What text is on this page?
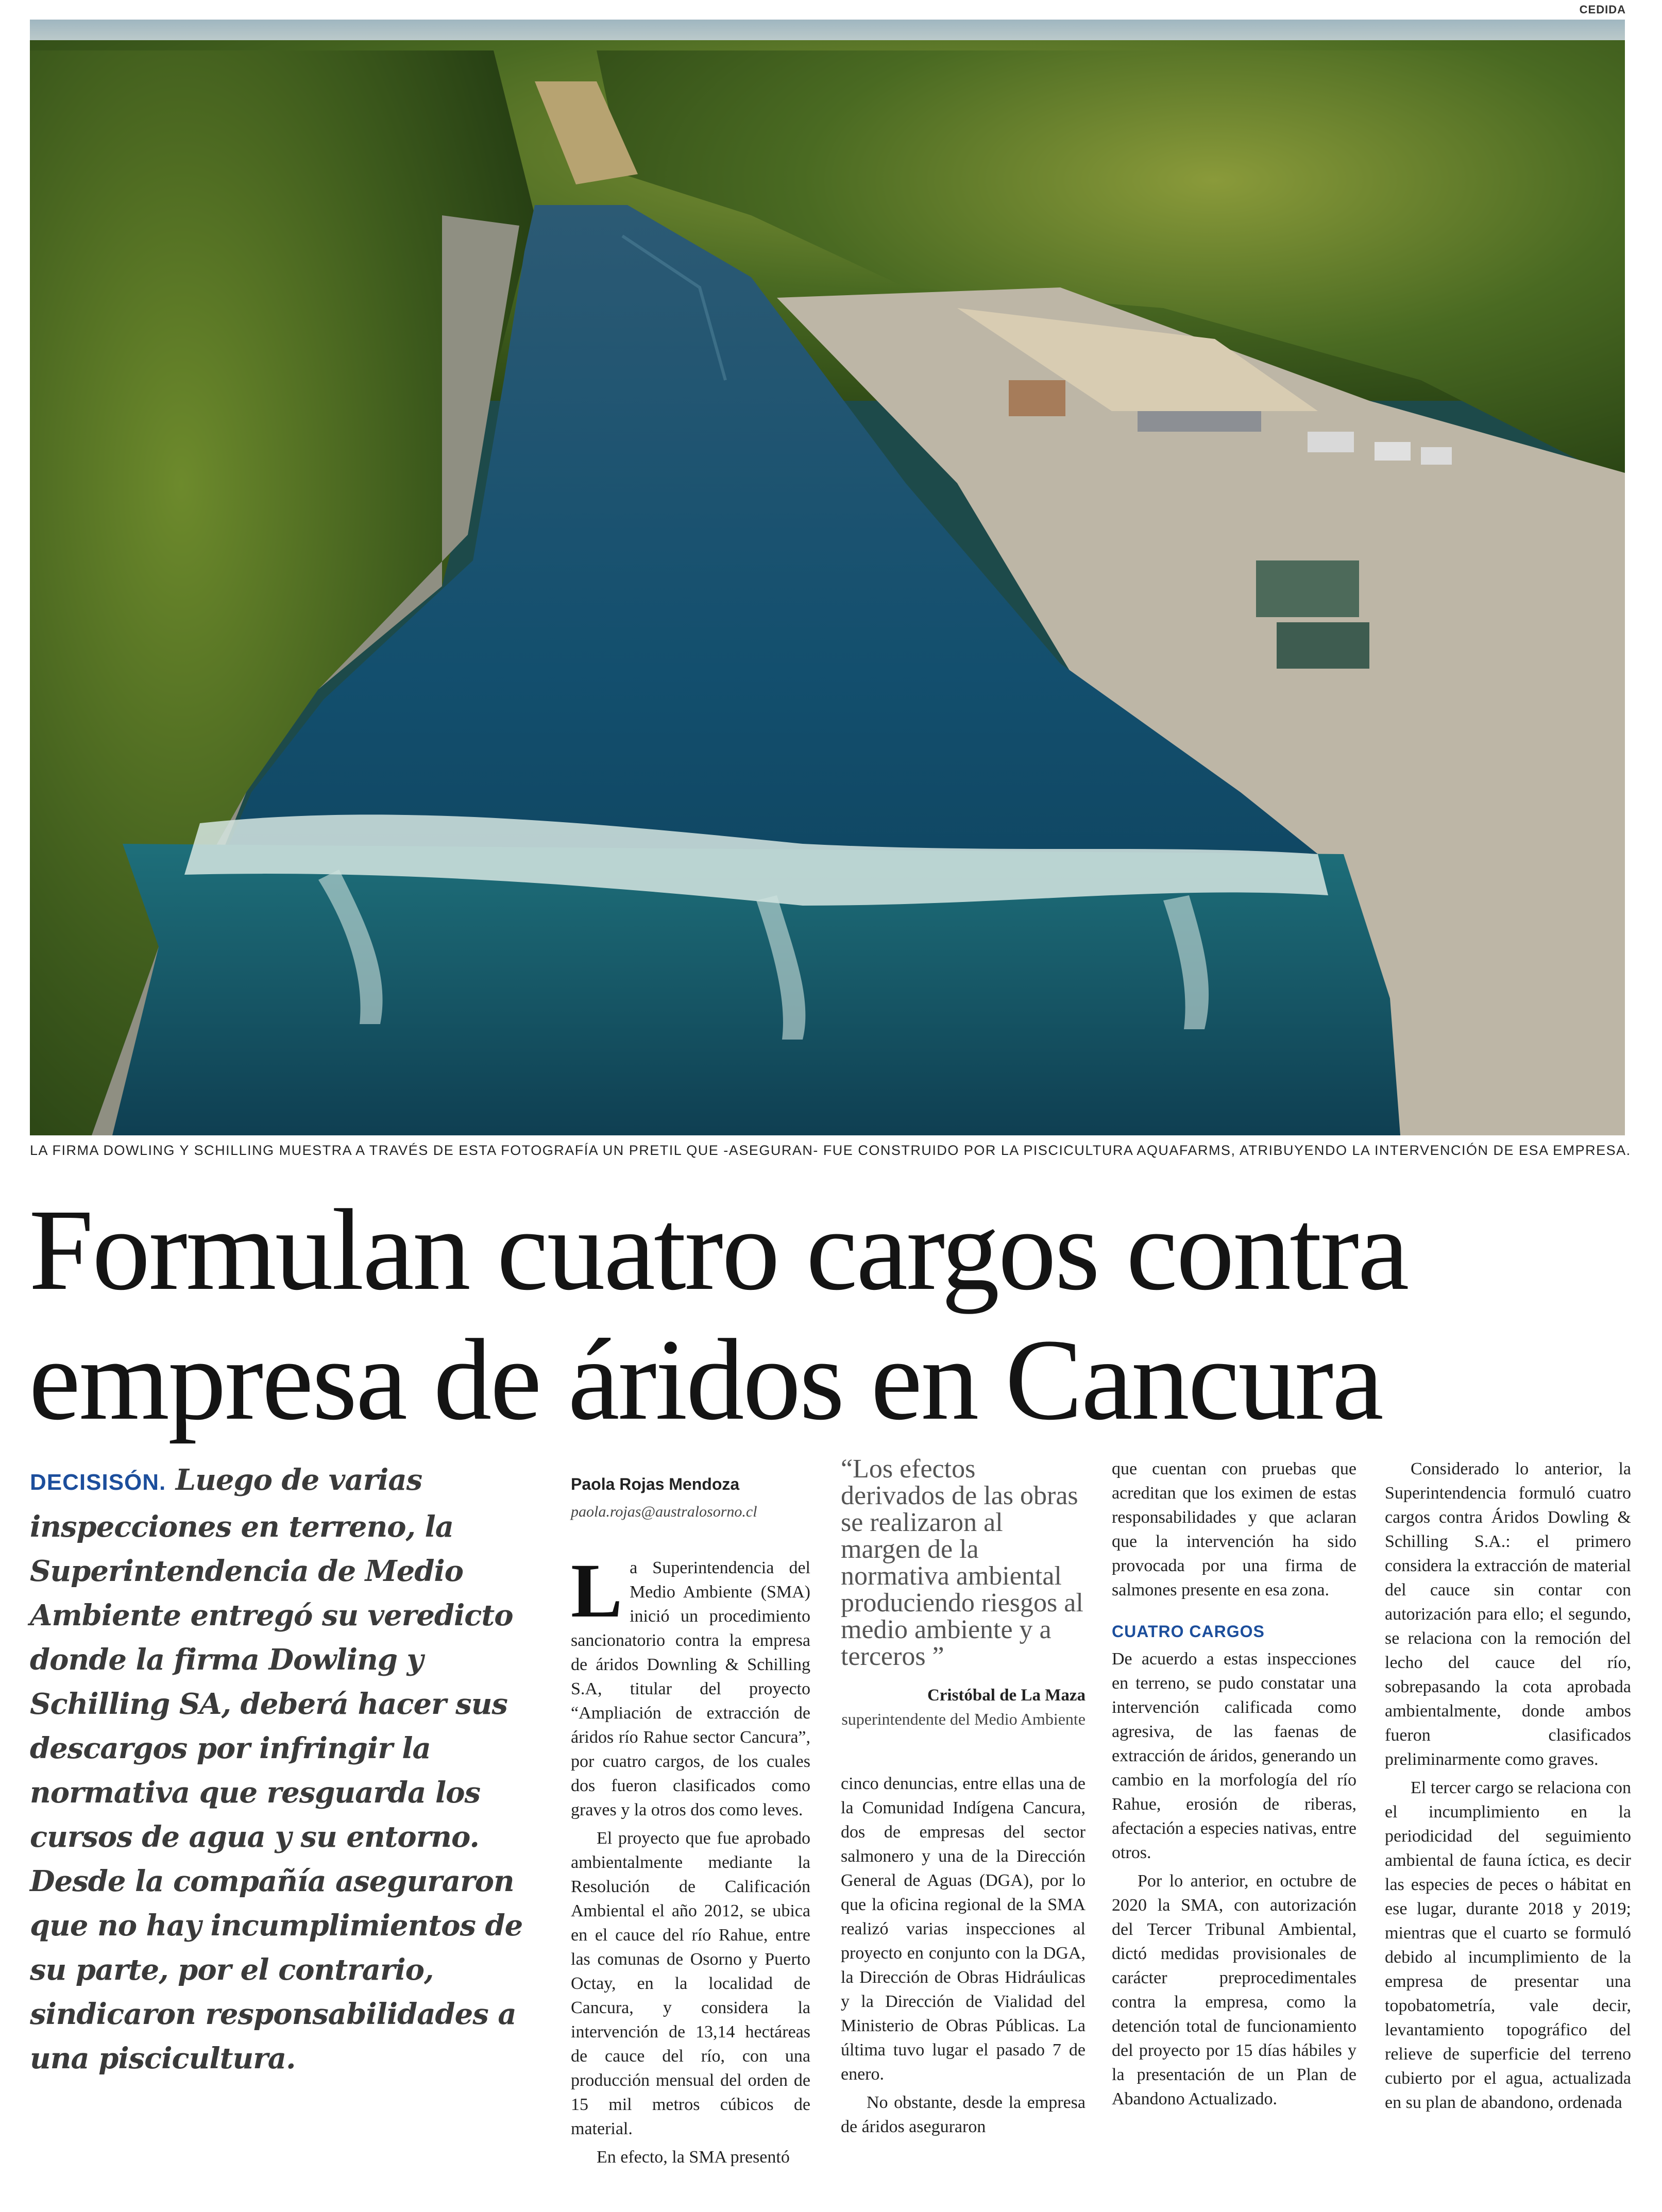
CEDIDA
LA FIRMA DOWLING Y SCHILLING MUESTRA A TRAVÉS DE ESTA FOTOGRAFÍA UN PRETIL QUE -ASEGURAN- FUE CONSTRUIDO POR LA PISCICULTURA AQUAFARMS, ATRIBUYENDO LA INTERVENCIÓN DE ESA EMPRESA.
Formulan cuatro cargos contra
empresa de áridos en Cancura
DECISISÓN. Luego de varias inspecciones en terreno, la Superintendencia de Medio Ambiente entregó su veredicto donde la firma Dowling y Schilling SA, deberá hacer sus descargos por infringir la normativa que resguarda los cursos de agua y su entorno. Desde la compañía aseguraron que no hay incumplimientos de su parte, por el contrario, sindicaron responsabilidades a una piscicultura.
Paola Rojas Mendoza
paola.rojas@australosorno.cl

La Superintendencia del Medio Ambiente (SMA) inició un procedimiento sancionatorio contra la empresa de áridos Downling & Schilling S.A, titular del proyecto “Ampliación de extracción de áridos río Rahue sector Cancura”, por cuatro cargos, de los cuales dos fueron clasificados como graves y la otros dos como leves.

El proyecto que fue aprobado ambientalmente mediante la Resolución de Calificación Ambiental el año 2012, se ubica en el cauce del río Rahue, entre las comunas de Osorno y Puerto Octay, en la localidad de Cancura, y considera la intervención de 13,14 hectáreas de cauce del río, con una producción mensual del orden de 15 mil metros cúbicos de material.

En efecto, la SMA presentó

“Los efectos derivados de las obras se realizaron al margen de la normativa ambiental produciendo riesgos al medio ambiente y a terceros ”
Cristóbal de La Maza
superintendente del Medio Ambiente

cinco denuncias, entre ellas una de la Comunidad Indígena Cancura, dos de empresas del sector salmonero y una de la Dirección General de Aguas (DGA), por lo que la oficina regional de la SMA realizó varias inspecciones al proyecto en conjunto con la DGA, la Dirección de Obras Hidráulicas y la Dirección de Vialidad del Ministerio de Obras Públicas. La última tuvo lugar el pasado 7 de enero.

No obstante, desde la empresa de áridos aseguraron

que cuentan con pruebas que acreditan que los eximen de estas responsabilidades y que aclaran que la intervención ha sido provocada por una firma de salmones presente en esa zona.

CUATRO CARGOS

De acuerdo a estas inspecciones en terreno, se pudo constatar una intervención calificada como agresiva, de las faenas de extracción de áridos, generando un cambio en la morfología del río Rahue, erosión de riberas, afectación a especies nativas, entre otros.

Por lo anterior, en octubre de 2020 la SMA, con autorización del Tercer Tribunal Ambiental, dictó medidas provisionales de carácter preprocedimentales contra la empresa, como la detención total de funcionamiento del proyecto por 15 días hábiles y la presentación de un Plan de Abandono Actualizado.

Considerado lo anterior, la Superintendencia formuló cuatro cargos contra Áridos Dowling & Schilling S.A.: el primero considera la extracción de material del cauce sin contar con autorización para ello; el segundo, se relaciona con la remoción del lecho del cauce del río, sobrepasando la cota aprobada ambientalmente, donde ambos fueron clasificados preliminarmente como graves.

El tercer cargo se relaciona con el incumplimiento en la periodicidad del seguimiento ambiental de fauna íctica, es decir las especies de peces o hábitat en ese lugar, durante 2018 y 2019; mientras que el cuarto se formuló debido al incumplimiento de la empresa de presentar una topobatometría, vale decir, levantamiento topográfico del relieve de superficie del terreno cubierto por el agua, actualizada en su plan de abandono, ordenada
